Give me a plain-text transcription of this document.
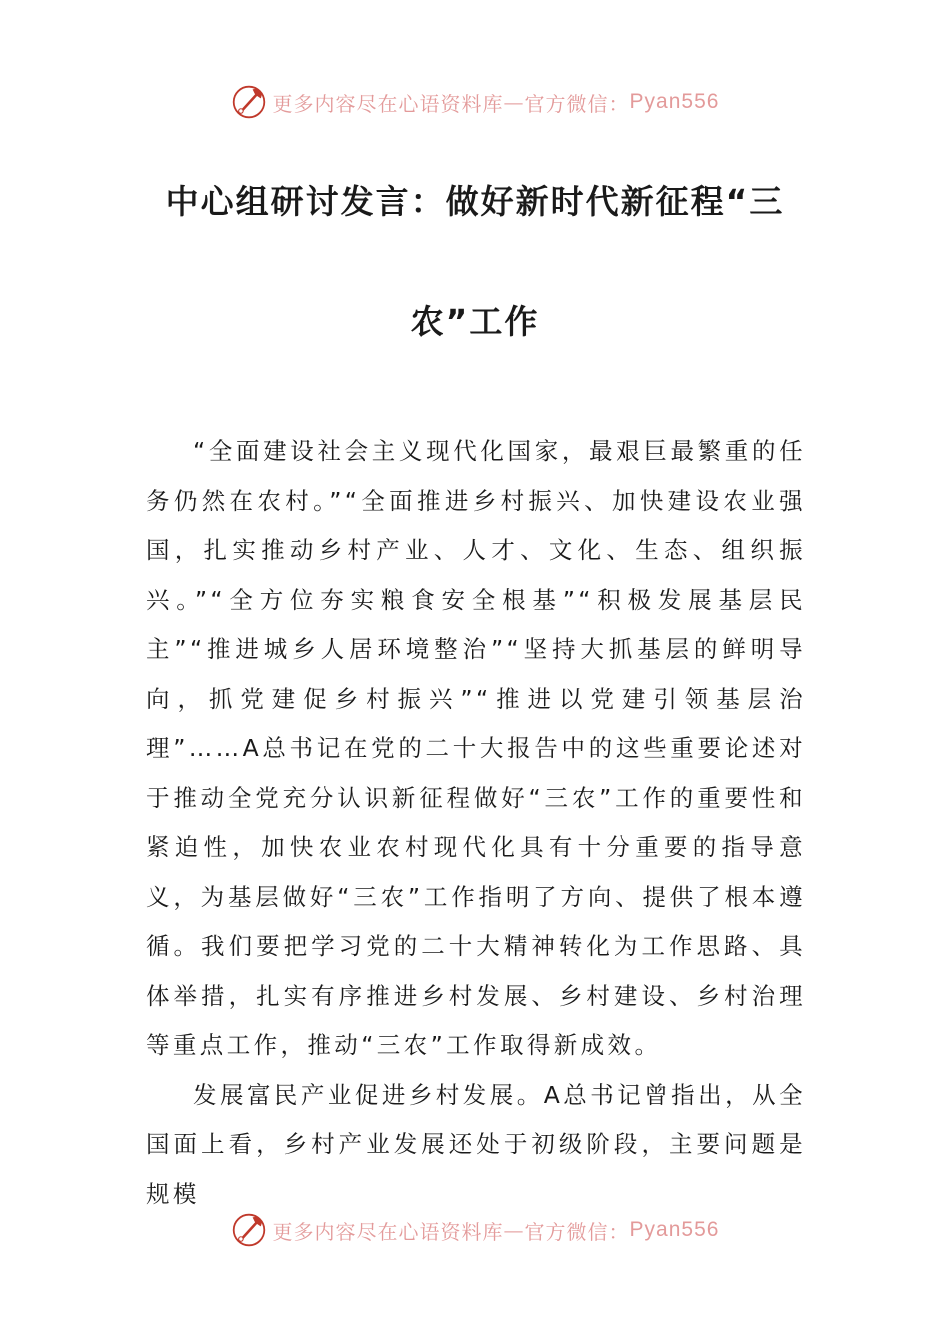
更多内容尽在心语资料库 — 官方微信： Pyan556
中心组研讨发言：做好新时代新征程“三
农”工作

“全面建设社会主义现代化国家，最艰巨最繁重的任务仍然在农村。”“全面推进乡村振兴、加快建设农业强国，扎实推动乡村产业、人才、文化、生态、组织振兴。”“全方位夯实粮食安全根基”“积极发展基层民主”“推进城乡人居环境整治”“坚持大抓基层的鲜明导向，抓党建促乡村振兴”“推进以党建引领基层治理”……A总书记在党的二十大报告中的这些重要论述对于推动全党充分认识新征程做好“三农”工作的重要性和紧迫性，加快农业农村现代化具有十分重要的指导意义，为基层做好“三农”工作指明了方向、提供了根本遵循。我们要把学习党的二十大精神转化为工作思路、具体举措，扎实有序推进乡村发展、乡村建设、乡村治理等重点工作，推动“三农”工作取得新成效。

发展富民产业促进乡村发展。A总书记曾指出，从全国面上看，乡村产业发展还处于初级阶段，主要问题是规模

更多内容尽在心语资料库 — 官方微信： Pyan556
